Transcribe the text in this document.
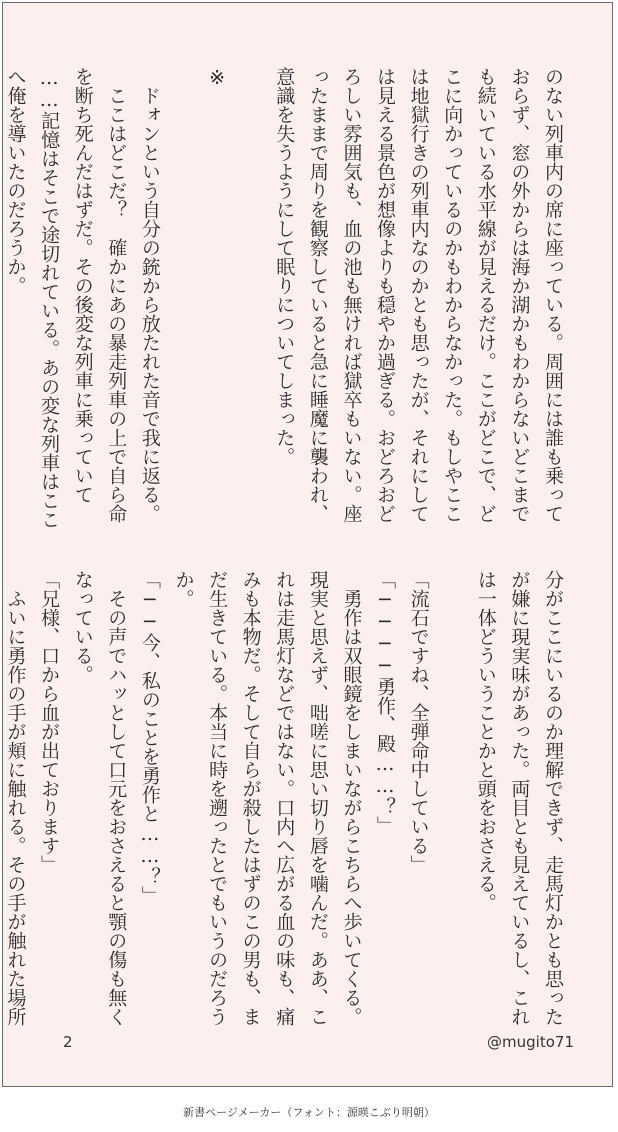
のない列車内の席に座っている。周囲には誰も乗って
おらず、窓の外からは海か湖かもわからないどこまで
も続いている水平線が見えるだけ。ここがどこで、ど
こに向かっているのかもわからなかった。もしやここ
は地獄行きの列車内なのかとも思ったが、それにして
は見える景色が想像よりも穏やか過ぎる。おどろおど
ろしい雰囲気も、血の池も無ければ獄卒もいない。座
ったままで周りを観察していると急に睡魔に襲われ、
意識を失うようにして眠りについてしまった。

※

　ドォンという自分の銃から放たれた音で我に返る。
　ここはどこだ？　確かにあの暴走列車の上で自ら命
を断ち死んだはずだ。その後変な列車に乗っていて
……記憶はそこで途切れている。あの変な列車はここ
へ俺を導いたのだろうか。
分がここにいるのか理解できず、走馬灯かとも思った
が嫌に現実味があった。両目とも見えているし、これ
は一体どういうことかと頭をおさえる。

「流石ですね、全弾命中している」
「────勇作、殿……？」
　勇作は双眼鏡をしまいながらこちらへ歩いてくる。
現実と思えず、咄嗟に思い切り唇を噛んだ。ああ、こ
れは走馬灯などではない。口内へ広がる血の味も、痛
みも本物だ。そして自らが殺したはずのこの男も、ま
だ生きている。本当に時を遡ったとでもいうのだろう
か。
「──今、私のことを勇作と……？」
　その声でハッとして口元をおさえると顎の傷も無く
なっている。
「兄様、口から血が出ております」
　ふいに勇作の手が頬に触れる。その手が触れた場所
2	@mugito71
新書ページメーカー（フォント：源暎こぶり明朝）
